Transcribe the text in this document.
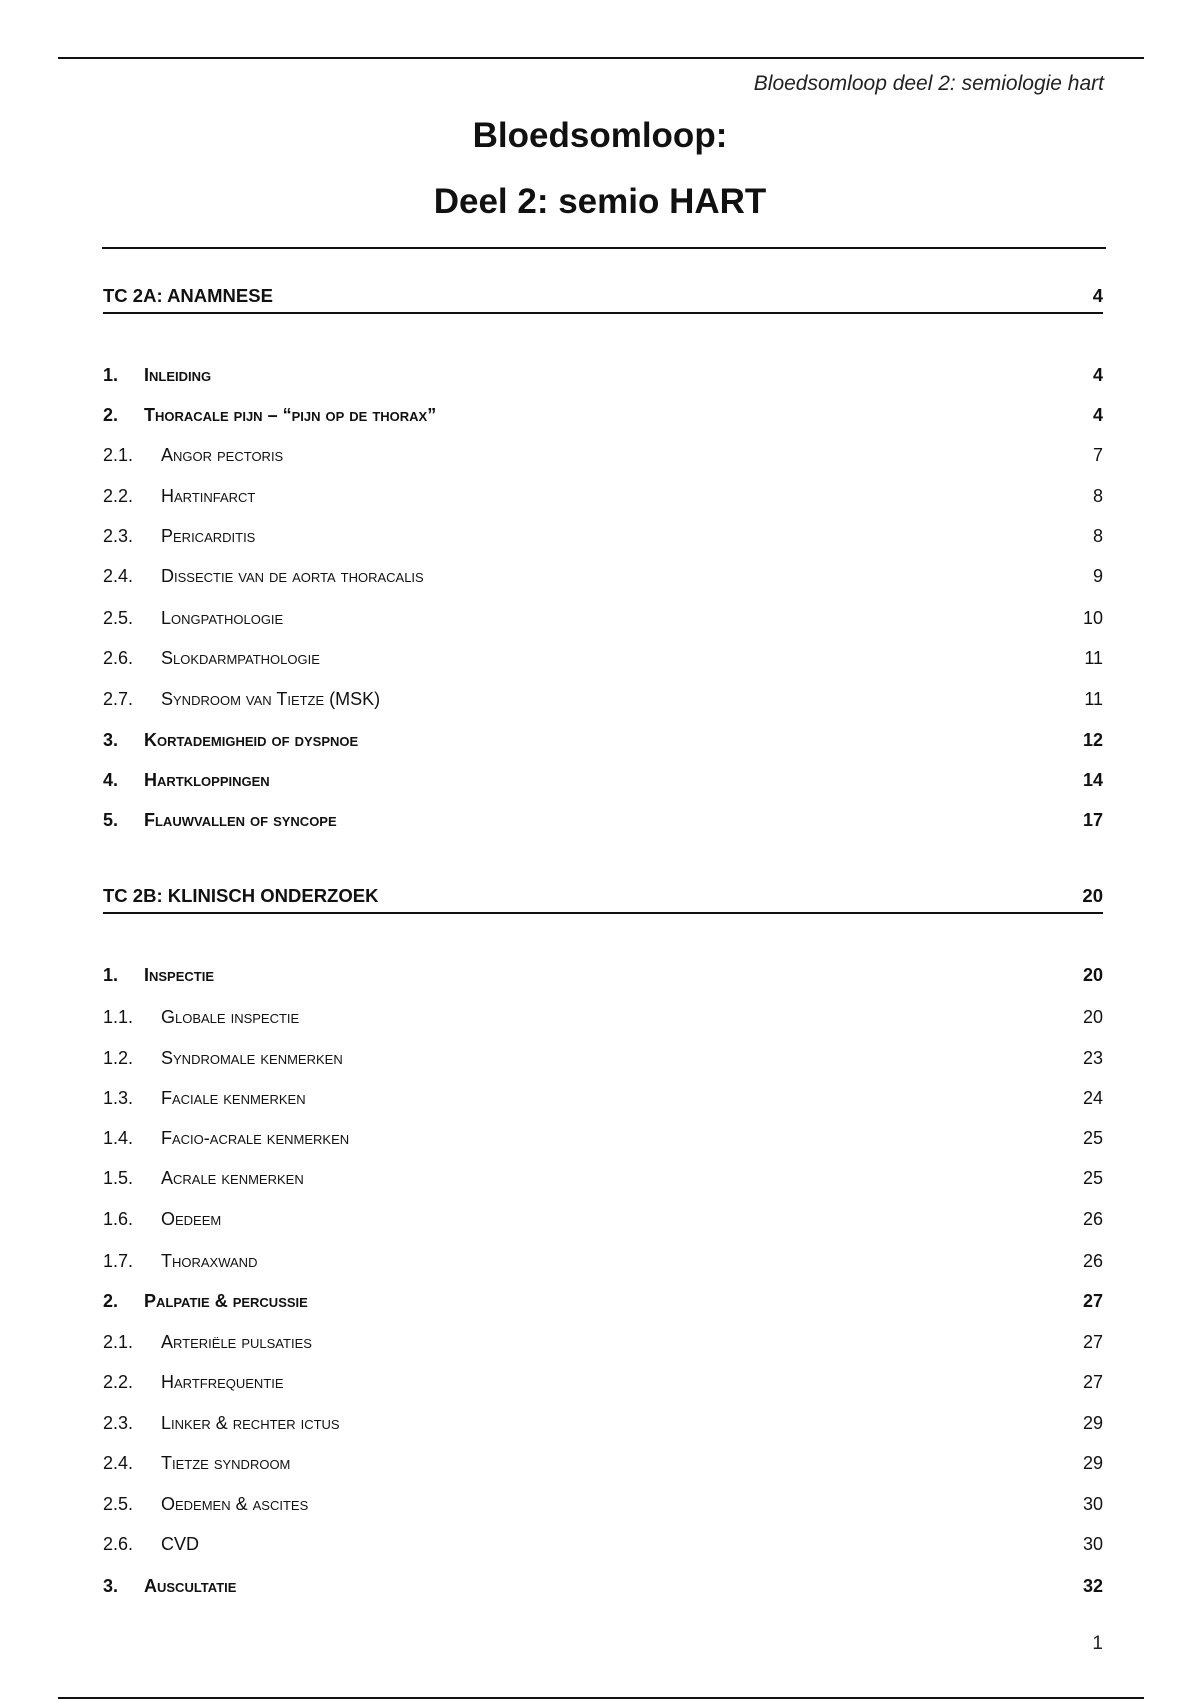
Bloedsomloop deel 2: semiologie hart
Bloedsomloop:
Deel 2: semio HART
TC 2A: ANAMNESE	4
1. Inleiding	4
2. Thoracale pijn – “pijn op de thorax”	4
2.1. Angor pectoris	7
2.2. Hartinfarct	8
2.3. Pericarditis	8
2.4. Dissectie van de aorta thoracalis	9
2.5. Longpathologie	10
2.6. Slokdarmpathologie	11
2.7. Syndroom van Tietze (MSK)	11
3. Kortademigheid of dyspnoe	12
4. Hartkloppingen	14
5. Flauwvallen of syncope	17
TC 2B: KLINISCH ONDERZOEK	20
1. Inspectie	20
1.1. Globale inspectie	20
1.2. Syndromale kenmerken	23
1.3. Faciale kenmerken	24
1.4. Facio-acrale kenmerken	25
1.5. Acrale kenmerken	25
1.6. Oedeem	26
1.7. Thoraxwand	26
2. Palpatie & percussie	27
2.1. Arteriële pulsaties	27
2.2. Hartfrequentie	27
2.3. Linker & rechter ictus	29
2.4. Tietze syndroom	29
2.5. Oedemen & ascites	30
2.6. CVD	30
3. Auscultatie	32
1
